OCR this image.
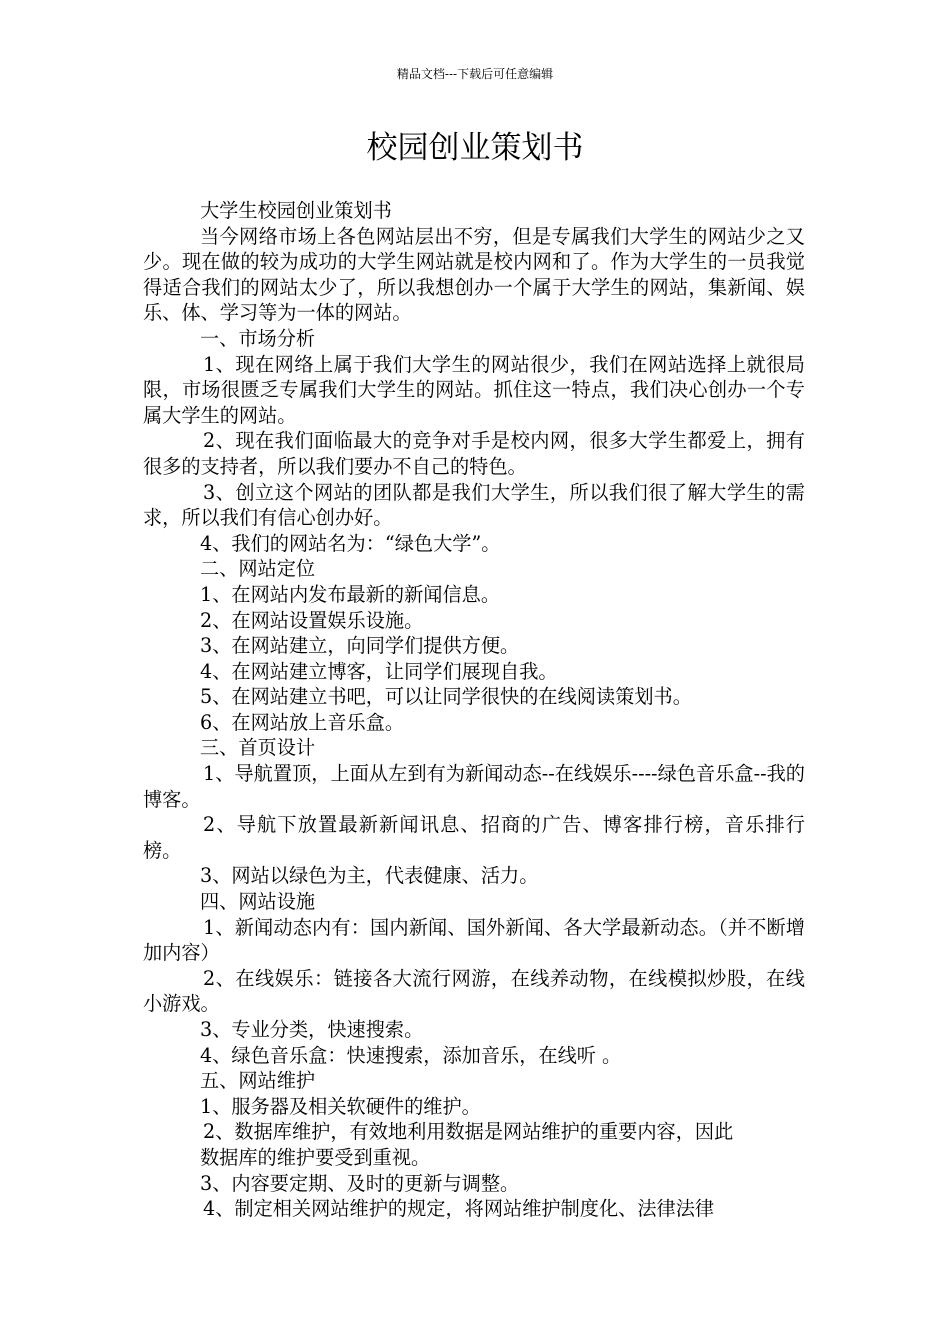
精品文档---下载后可任意编辑
校园创业策划书

大学生校园创业策划书

当今网络市场上各色网站层出不穷，但是专属我们大学生的网站少之又少。现在做的较为成功的大学生网站就是校内网和了。作为大学生的一员我觉得适合我们的网站太少了，所以我想创办一个属于大学生的网站，集新闻、娱乐、体、学习等为一体的网站。

一、市场分析

1、现在网络上属于我们大学生的网站很少，我们在网站选择上就很局限，市场很匮乏专属我们大学生的网站。抓住这一特点，我们决心创办一个专属大学生的网站。

2、现在我们面临最大的竞争对手是校内网，很多大学生都爱上，拥有很多的支持者，所以我们要办不自己的特色。

3、创立这个网站的团队都是我们大学生，所以我们很了解大学生的需求，所以我们有信心创办好。

4、我们的网站名为：“绿色大学”。

二、网站定位

1、在网站内发布最新的新闻信息。

2、在网站设置娱乐设施。

3、在网站建立，向同学们提供方便。

4、在网站建立博客，让同学们展现自我。

5、在网站建立书吧，可以让同学很快的在线阅读策划书。

6、在网站放上音乐盒。

三、首页设计

1、导航置顶，上面从左到有为新闻动态--在线娱乐----绿色音乐盒--我的博客。

2、导航下放置最新新闻讯息、招商的广告、博客排行榜，音乐排行榜。

3、网站以绿色为主，代表健康、活力。

四、网站设施

1、新闻动态内有：国内新闻、国外新闻、各大学最新动态。（并不断增加内容）

2、在线娱乐：链接各大流行网游，在线养动物，在线模拟炒股，在线小游戏。

3、专业分类，快速搜索。

4、绿色音乐盒：快速搜索，添加音乐，在线听 。

五、网站维护

1、服务器及相关软硬件的维护。

2、数据库维护，有效地利用数据是网站维护的重要内容，因此

数据库的维护要受到重视。

3、内容要定期、及时的更新与调整。

4、制定相关网站维护的规定，将网站维护制度化、法律法律
